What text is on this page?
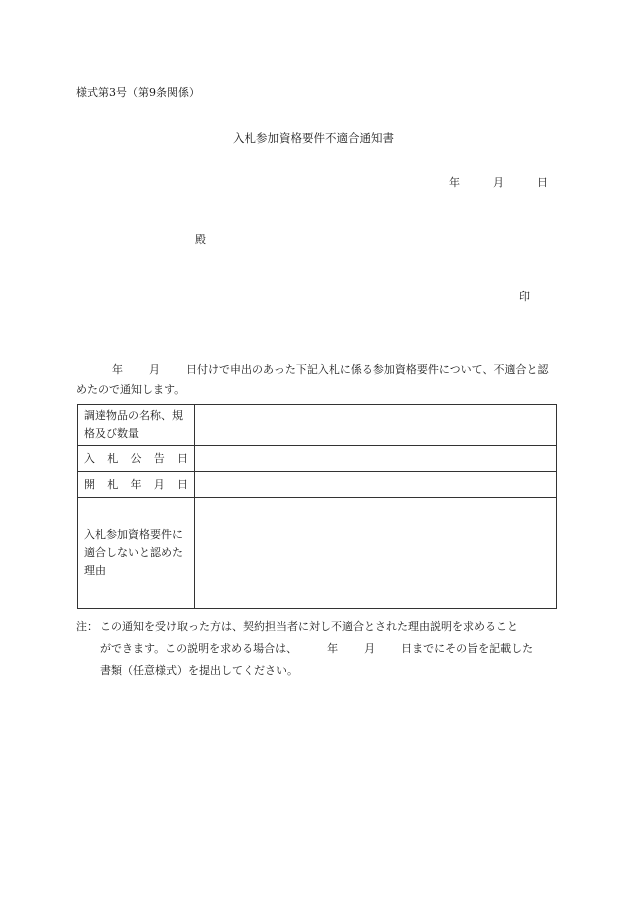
様式第3号（第9条関係）
入札参加資格要件不適合通知書
年	月	日
殿
印
年 月 日付けで申出のあった下記入札に係る参加資格要件について、不適合と認めたので通知します。
調達物品の名称、規格及び数量	

入 札 公 告 日	

開 札 年 月 日	

入札参加資格要件に適合しないと認めた理由	
注： この通知を受け取った方は、契約担当者に対し不適合とされた理由説明を求めること
ができます。この説明を求める場合は、	年 月 日までにその旨を記載した
書類（任意様式）を提出してください。
